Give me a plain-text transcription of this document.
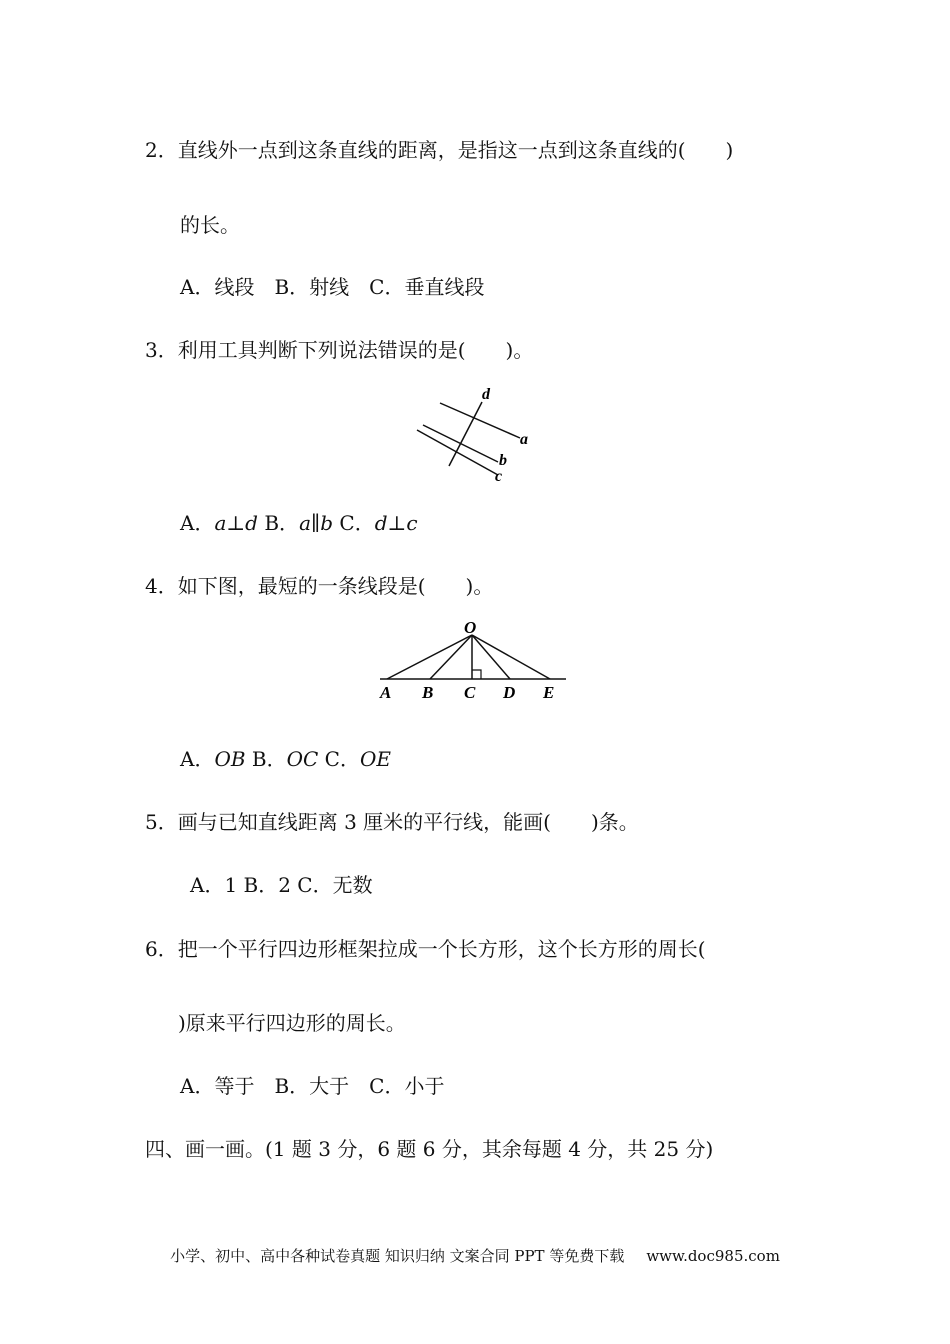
2．直线外一点到这条直线的距离，是指这一点到这条直线的(　　)
的长。
A．线段　B．射线　C．垂直线段
3．利用工具判断下列说法错误的是(　　)。
d
a
b
c
A．a⊥d B．a∥b C．d⊥c
4．如下图，最短的一条线段是(　　)。
O
A B C D E
A．OB B．OC C．OE
5．画与已知直线距离 3 厘米的平行线，能画(　　)条。
A．1 B．2 C．无数
6．把一个平行四边形框架拉成一个长方形，这个长方形的周长(
)原来平行四边形的周长。
A．等于　B．大于　C．小于
四、画一画。(1 题 3 分，6 题 6 分，其余每题 4 分，共 25 分)
小学、初中、高中各种试卷真题 知识归纳 文案合同 PPT 等免费下载 www.doc985.com
